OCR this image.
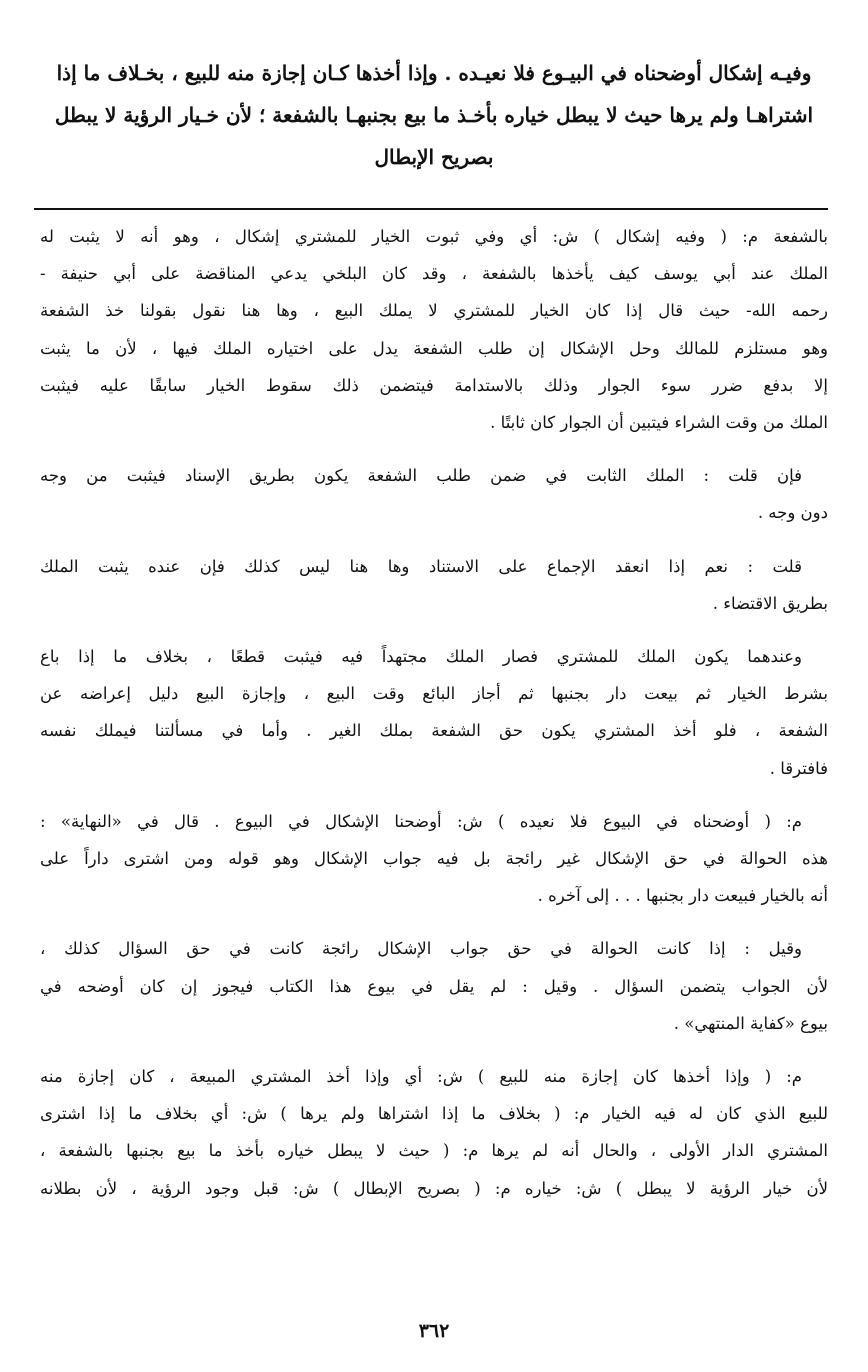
وفيـه إشكال أوضحناه في البيـوع فلا نعيـده . وإذا أخذها كـان إجازة منه للبيع ، بخـلاف ما إذا
اشتراهـا ولم يرها حيث لا يبطل خياره بأخـذ ما بيع بجنبهـا بالشفعة ؛ لأن خـيار الرؤية لا يبطل
بصريح الإبطال
بالشفعة م: ( وفيه إشكال ) ش: أي وفي ثبوت الخيار للمشتري إشكال ، وهو أنه لا يثبت له
الملك عند أبي يوسف كيف يأخذها بالشفعة ، وقد كان البلخي يدعي المناقضة على أبي حنيفة -
رحمه الله- حيث قال إذا كان الخيار للمشتري لا يملك البيع ، وها هنا نقول بقولنا خذ الشفعة
وهو مستلزم للمالك وحل الإشكال إن طلب الشفعة يدل على اختياره الملك فيها ، لأن ما يثبت
إلا بدفع ضرر سوء الجوار وذلك بالاستدامة فيتضمن ذلك سقوط الخيار سابقًا عليه فيثبت
الملك من وقت الشراء فيتبين أن الجوار كان ثابتًا .
فإن قلت : الملك الثابت في ضمن طلب الشفعة يكون بطريق الإسناد فيثبت من وجه
دون وجه .
قلت : نعم إذا انعقد الإجماع على الاستناد وها هنا ليس كذلك فإن عنده يثبت الملك
بطريق الاقتضاء .
وعندهما يكون الملك للمشتري فصار الملك مجتهداً فيه فيثبت قطعًا ، بخلاف ما إذا باع
بشرط الخيار ثم بيعت دار بجنبها ثم أجاز البائع وقت البيع ، وإجازة البيع دليل إعراضه عن
الشفعة ، فلو أخذ المشتري يكون حق الشفعة بملك الغير . وأما في مسألتنا فيملك نفسه
فافترقا .
م: ( أوضحناه في البيوع فلا نعيده ) ش: أوضحنا الإشكال في البيوع . قال في «النهاية» :
هذه الحوالة في حق الإشكال غير رائجة بل فيه جواب الإشكال وهو قوله ومن اشترى داراً على
أنه بالخيار فبيعت دار بجنبها . . . إلى آخره .
وقيل : إذا كانت الحوالة في حق جواب الإشكال رائجة كانت في حق السؤال كذلك ،
لأن الجواب يتضمن السؤال . وقيل : لم يقل في بيوع هذا الكتاب فيجوز إن كان أوضحه في
بيوع «كفاية المنتهي» .
م: ( وإذا أخذها كان إجازة منه للبيع ) ش: أي وإذا أخذ المشتري المبيعة ، كان إجازة منه
للبيع الذي كان له فيه الخيار م: ( بخلاف ما إذا اشتراها ولم يرها ) ش: أي بخلاف ما إذا اشترى
المشتري الدار الأولى ، والحال أنه لم يرها م: ( حيث لا يبطل خياره بأخذ ما بيع بجنبها بالشفعة ،
لأن خيار الرؤية لا يبطل ) ش: خياره م: ( بصريح الإبطال ) ش: قبل وجود الرؤية ، لأن بطلانه
٣٦٢
